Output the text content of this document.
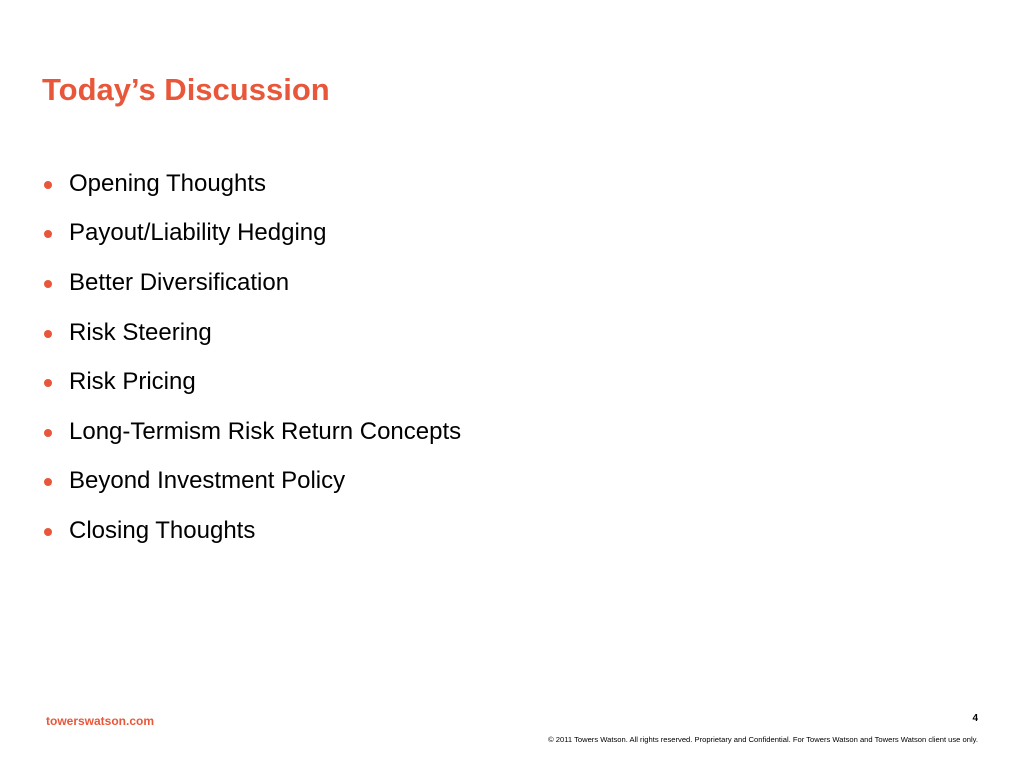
Today’s Discussion
Opening Thoughts
Payout/Liability Hedging
Better Diversification
Risk Steering
Risk Pricing
Long-Termism Risk Return Concepts
Beyond Investment Policy
Closing Thoughts
towerswatson.com	4
© 2011 Towers Watson. All rights reserved. Proprietary and Confidential. For Towers Watson and Towers Watson client use only.
